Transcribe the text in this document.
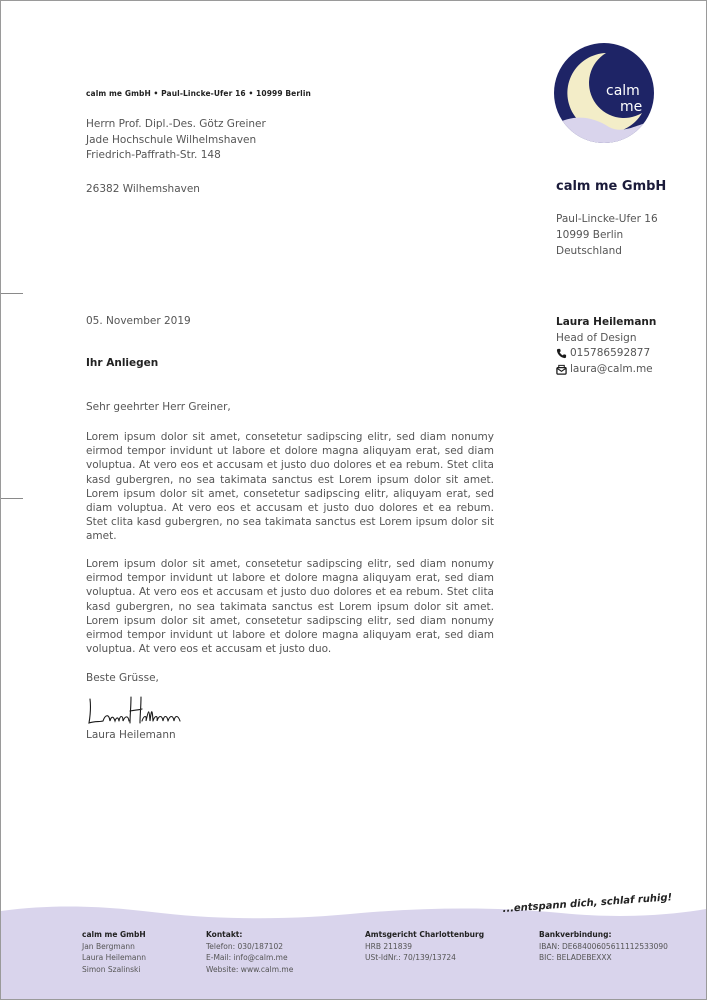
calm me GmbH • Paul-Lincke-Ufer 16 • 10999 Berlin
Herrn Prof. Dipl.-Des. Götz Greiner
Jade Hochschule Wilhelmshaven
Friedrich-Paffrath-Str. 148
26382 Wilhemshaven
calm
me
calm me GmbH
Paul-Lincke-Ufer 16
10999 Berlin
Deutschland
Laura Heilemann
Head of Design
015786592877
laura@calm.me
05. November 2019
Ihr Anliegen
Sehr geehrter Herr Greiner,
Lorem ipsum dolor sit amet, consetetur sadipscing elitr, sed diam nonumy eirmod tempor invidunt ut labore et dolore magna aliquyam erat, sed diam voluptua. At vero eos et accusam et justo duo dolores et ea rebum. Stet clita kasd gubergren, no sea takimata sanctus est Lorem ipsum dolor sit amet. Lorem ipsum dolor sit amet, consetetur sadipscing elitr, aliquyam erat, sed diam voluptua. At vero eos et accusam et justo duo dolores et ea rebum. Stet clita kasd gubergren, no sea takimata sanctus est Lorem ipsum dolor sit amet.
Lorem ipsum dolor sit amet, consetetur sadipscing elitr, sed diam nonumy eirmod tempor invidunt ut labore et dolore magna aliquyam erat, sed diam voluptua. At vero eos et accusam et justo duo dolores et ea rebum. Stet clita kasd gubergren, no sea takimata sanctus est Lorem ipsum dolor sit amet. Lorem ipsum dolor sit amet, consetetur sadipscing elitr, sed diam nonumy eirmod tempor invidunt ut labore et dolore magna aliquyam erat, sed diam voluptua. At vero eos et accusam et justo duo.
Beste Grüsse,
Laura Heilemann
...entspann dich, schlaf ruhig!
calm me GmbH
Jan Bergmann
Laura Heilemann
Simon Szalinski
Kontakt:
Telefon: 030/187102
E-Mail: info@calm.me
Website: www.calm.me
Amtsgericht Charlottenburg
HRB 211839
USt-IdNr.: 70/139/13724
Bankverbindung:
IBAN: DE68400605611112533090
BIC: BELADEBEXXX
